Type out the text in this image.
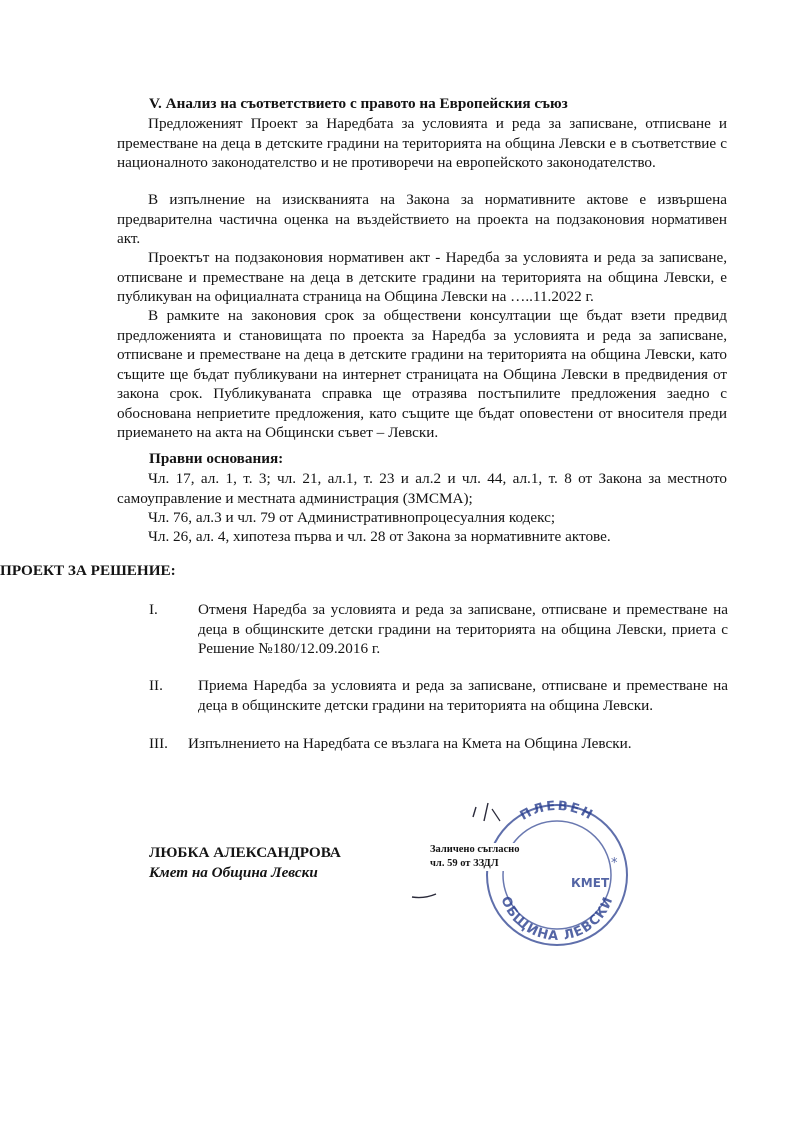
V. Анализ на съответствието с правото на Европейския съюз

Предложеният Проект за Наредбата за условията и реда за записване, отписване и преместване на деца в детските градини на територията на община Левски е в съответствие с националното законодателство и не противоречи на европейското законодателство.

В изпълнение на изискванията на Закона за нормативните актове е извършена предварителна частична оценка на въздействието на проекта на подзаконовия нормативен акт.

Проектът на подзаконовия нормативен акт - Наредба за условията и реда за записване, отписване и преместване на деца в детските градини на територията на община Левски, е публикуван на официалната страница на Община Левски на …..11.2022 г.

В рамките на законовия срок за обществени консултации ще бъдат взети предвид предложенията и становищата по проекта за Наредба за условията и реда за записване, отписване и преместване на деца в детските градини на територията на община Левски, като същите ще бъдат публикувани на интернет страницата на Община Левски в предвидения от закона срок. Публикуваната справка ще отразява постъпилите предложения заедно с обоснована неприетите предложения, като същите ще бъдат оповестени от вносителя преди приемането на акта на Общински съвет – Левски.

Правни основания:

Чл. 17, ал. 1, т. 3; чл. 21, ал.1, т. 23 и ал.2 и чл. 44, ал.1, т. 8 от Закона за местното самоуправление и местната администрация (ЗМСМА);

Чл. 76, ал.3 и чл. 79 от Административнопроцесуалния кодекс;

Чл. 26, ал. 4, хипотеза първа и чл. 28 от Закона за нормативните актове.

ПРОЕКТ ЗА РЕШЕНИЕ:
I.	Отменя Наредба за условията и реда за записване, отписване и преместване на деца в общинските детски градини на територията на община Левски, приета с Решение №180/12.09.2016 г.

II.	Приема Наредба за условията и реда за записване, отписване и преместване на деца в общинските детски градини на територията на община Левски.

III.	Изпълнението на Наредбата се възлага на Кмета на Община Левски.

ЛЮБКА АЛЕКСАНДРОВА
Кмет на Община Левски
ПЛЕВЕН
ОБЩИНА ЛЕВСКИ
КМЕТ
*
Заличено съгласно
чл. 59 от ЗЗДЛ
